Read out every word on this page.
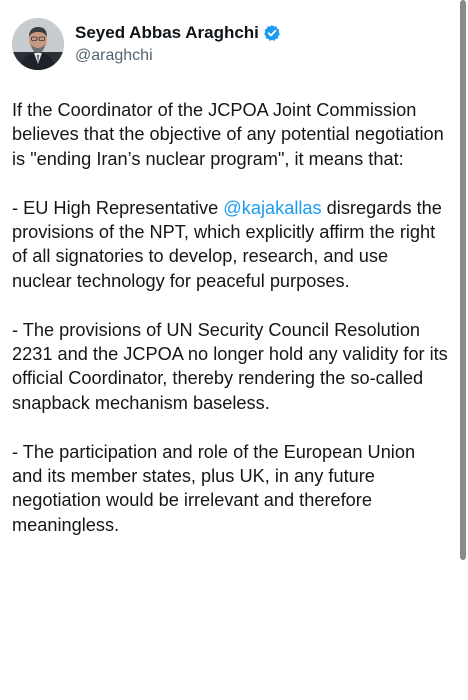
Seyed Abbas Araghchi
@araghchi

If the Coordinator of the JCPOA Joint Commission believes that the objective of any potential negotiation is "ending Iran’s nuclear program", it means that:

- EU High Representative @kajakallas disregards the provisions of the NPT, which explicitly affirm the right of all signatories to develop, research, and use nuclear technology for peaceful purposes.

- The provisions of UN Security Council Resolution 2231 and the JCPOA no longer hold any validity for its official Coordinator, thereby rendering the so-called snapback mechanism baseless.

- The participation and role of the European Union and its member states, plus UK, in any future negotiation would be irrelevant and therefore meaningless.
